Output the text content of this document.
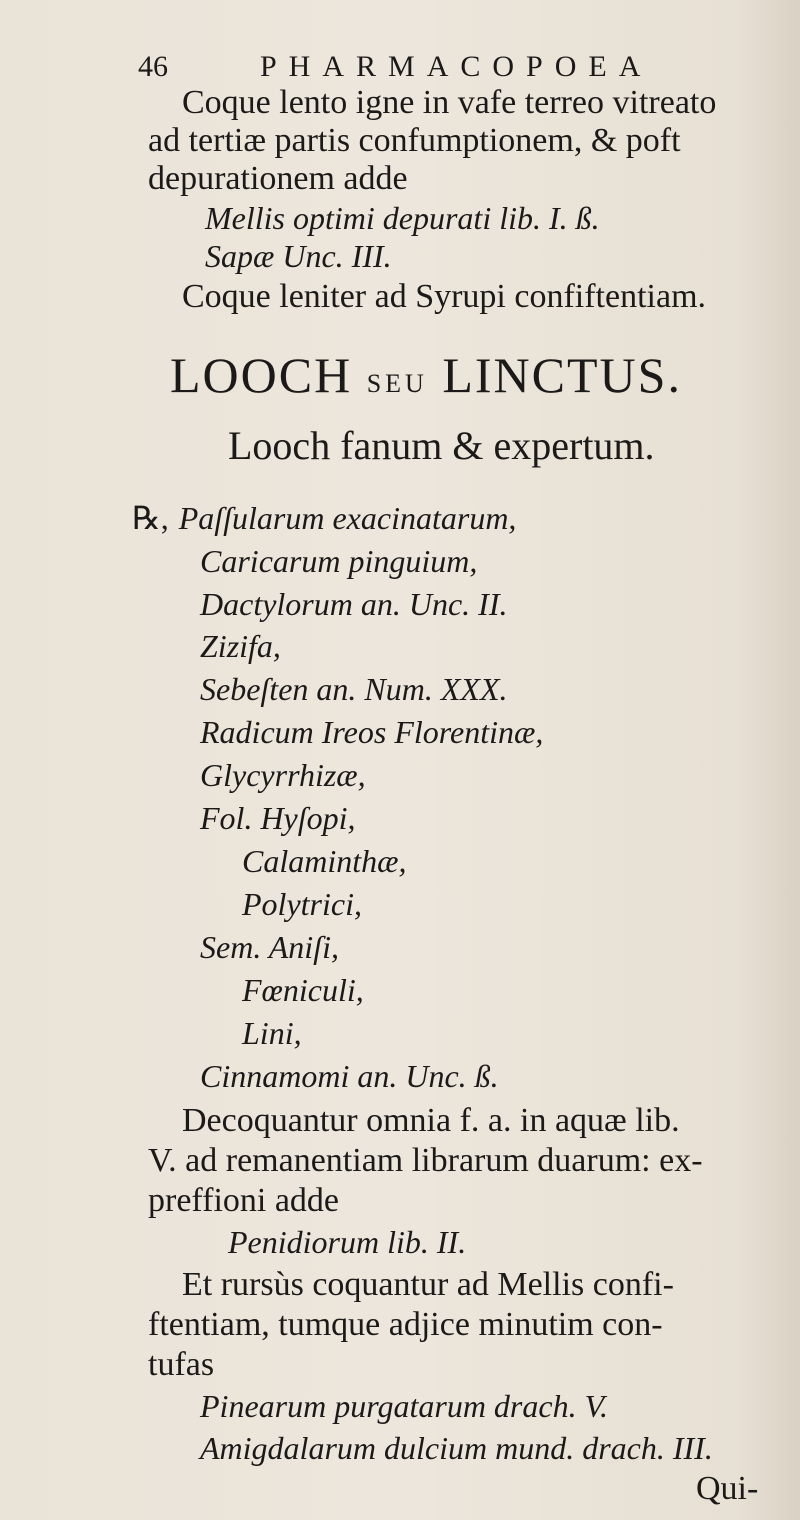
46	PHARMACOPOEA
Coque lento igne in vafe terreo vitreato
ad tertiæ partis confumptionem, & poft
depurationem adde
Mellis optimi depurati lib. I. ß.
Sapæ Unc. III.
Coque leniter ad Syrupi confiftentiam.
LOOCH SEU LINCTUS.
Looch fanum & expertum.
℞, Paſſularum exacinatarum,
Caricarum pinguium,
Dactylorum an. Unc. II.
Zizifa,
Sebeſten an. Num. XXX.
Radicum Ireos Florentinæ,
Glycyrrhizæ,
Fol. Hyſopi,
Calaminthæ,
Polytrici,
Sem. Aniſi,
Fœniculi,
Lini,
Cinnamomi an. Unc. ß.
Decoquantur omnia f. a. in aquæ lib.
V. ad remanentiam librarum duarum: ex-
preffioni adde
Penidiorum lib. II.
Et rursùs coquantur ad Mellis confi-
ftentiam, tumque adjice minutim con-
tufas
Pinearum purgatarum drach. V.
Amigdalarum dulcium mund. drach. III.
Qui-
